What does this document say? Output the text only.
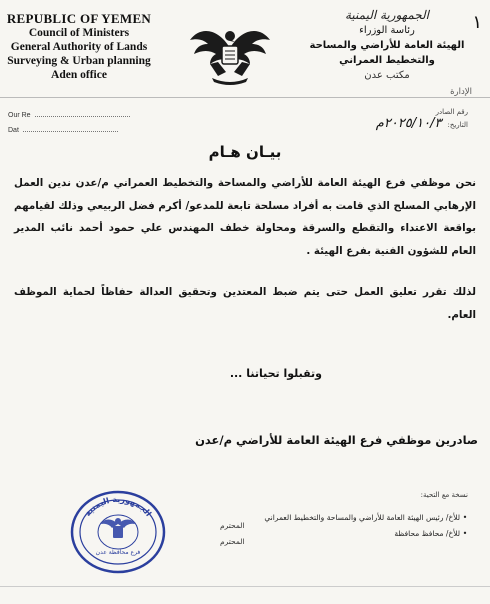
REPUBLIC OF YEMEN
Council of Ministers
General Authority of Lands
Surveying & Urban planning
Aden office
١
الجمهورية اليمنية
رئاسة الوزراء
الهيئة العامة للأراضي والمساحة والتخطيط العمراني
مكتب عدن
الإدارة
Our Re
Dat
رقم الصادر
التاريخ:٢٠٢٥/١٠/٣م
بيـان هـام
نحن موظفي فرع الهيئة العامة للأراضي والمساحة والتخطيط العمراني م/عدن ندين العمل الإرهابي المسلح الذي قامت به أفراد مسلحة تابعة للمدعو/ أكرم فضل الربيعي وذلك لقيامهم بواقعة الاعتداء والتقطع والسرقة ومحاولة خطف المهندس علي حمود أحمد نائب المدير العام للشؤون الفنية بفرع الهيئة .
لذلك تقرر تعليق العمل حتى يتم ضبط المعتدين وتحقيق العدالة حفاظاً لحماية الموظف العام.
وتقبلوا تحياتنا ...
صادرين موظفي فرع الهيئة العامة للأراضي م/عدن
نسخة مع التحية:
•
للأخ/ رئيس الهيئة العامة للأراضي والمساحة والتخطيط العمراني
•
للأخ/ محافظ محافظة
المحترم
المحترم
الجمهورية اليمنية
فرع محافظة عدن
